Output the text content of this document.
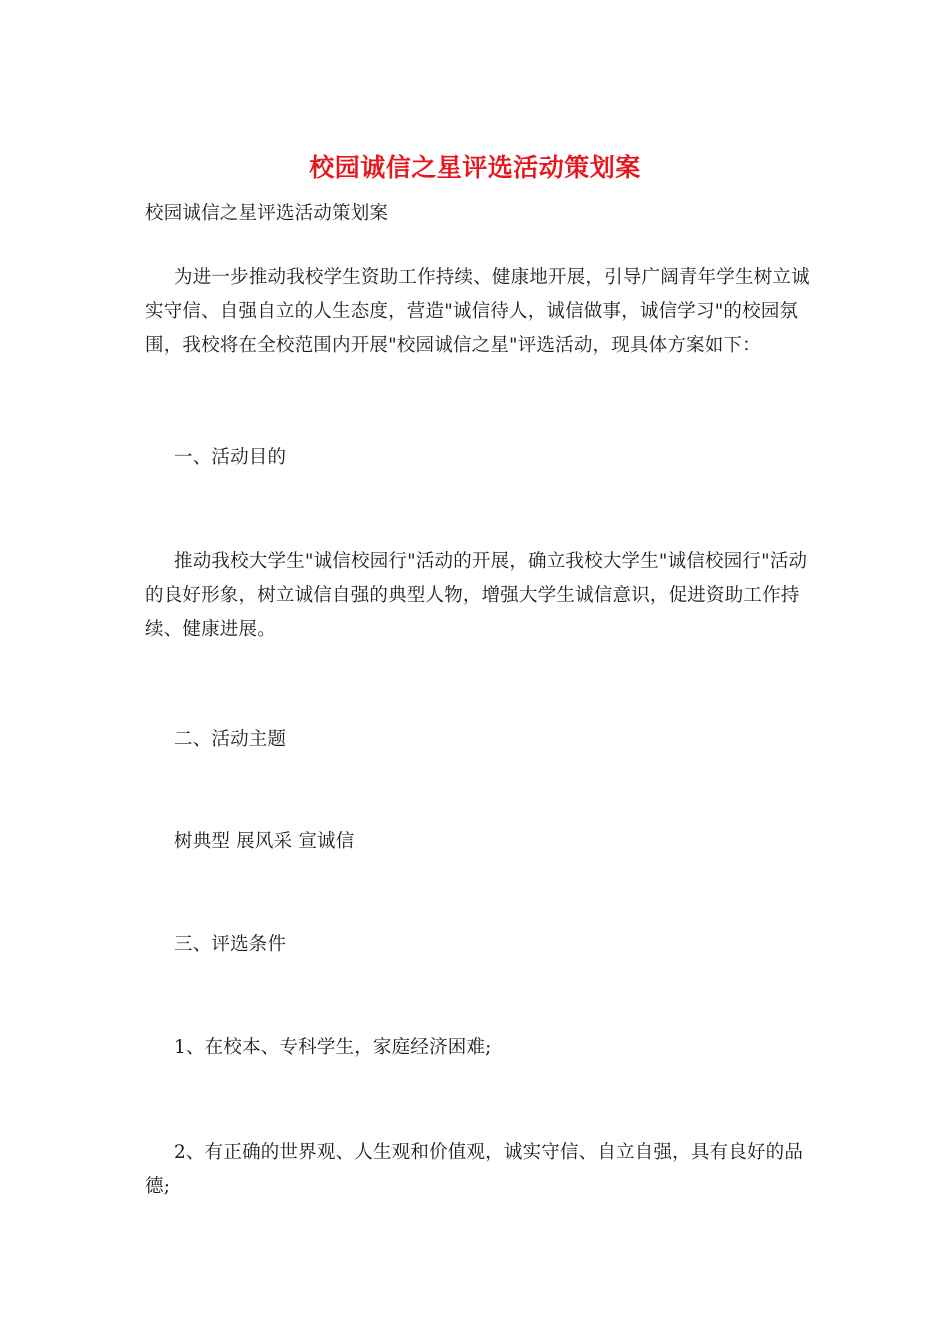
校园诚信之星评选活动策划案
校园诚信之星评选活动策划案
为进一步推动我校学生资助工作持续、健康地开展，引导广阔青年学生树立诚实守信、自强自立的人生态度，营造"诚信待人，诚信做事，诚信学习"的校园氛围，我校将在全校范围内开展"校园诚信之星"评选活动，现具体方案如下：
一、活动目的
推动我校大学生"诚信校园行"活动的开展，确立我校大学生"诚信校园行"活动的良好形象，树立诚信自强的典型人物，增强大学生诚信意识，促进资助工作持续、健康进展。
二、活动主题
树典型 展风采 宣诚信
三、评选条件
1、在校本、专科学生，家庭经济困难;
2、有正确的世界观、人生观和价值观，诚实守信、自立自强，具有良好的品德;
